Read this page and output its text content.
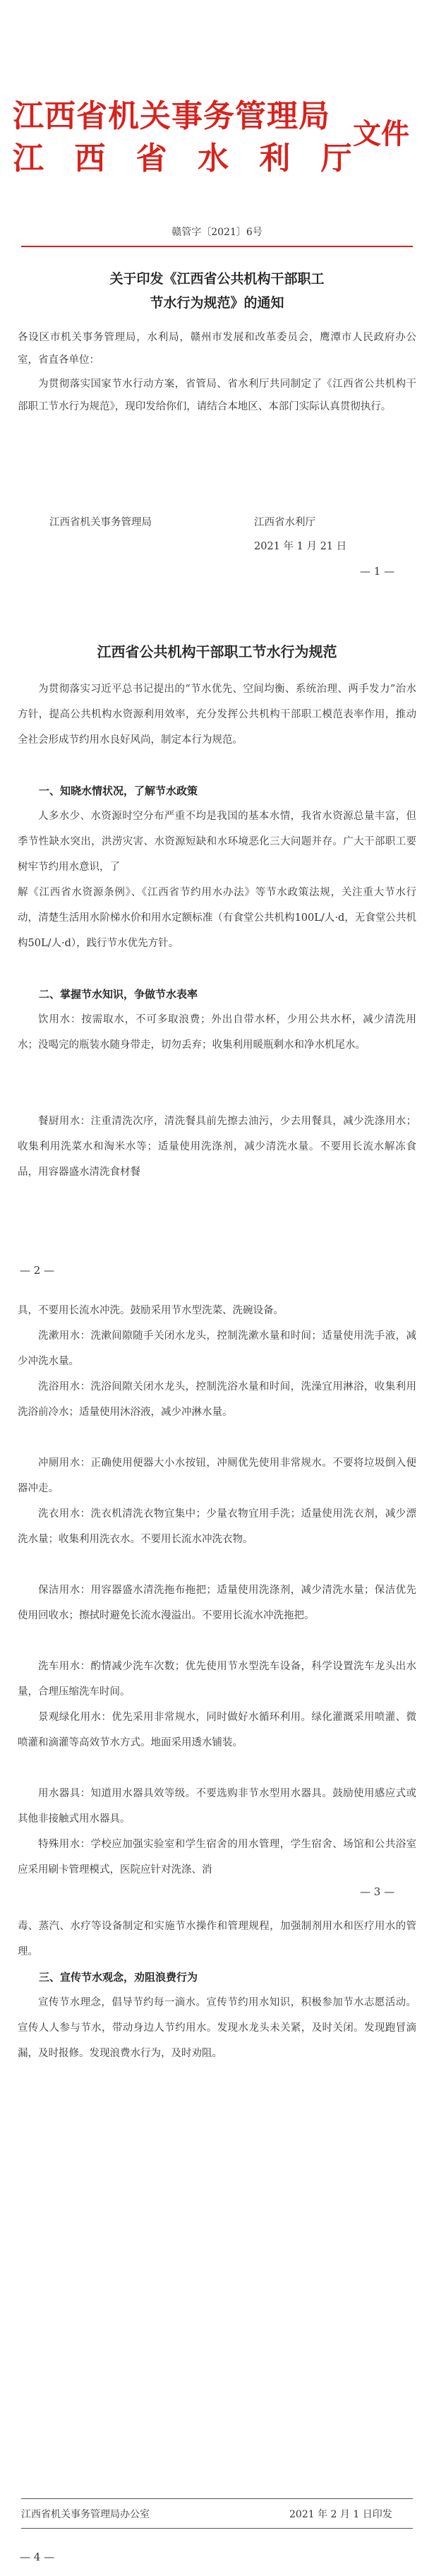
江西省机关事务管理局
江 西 省 水 利 厅
文件
赣管字〔2021〕6号
关于印发《江西省公共机构干部职工
节水行为规范》的通知
各设区市机关事务管理局，水利局，赣州市发展和改革委员会，鹰潭市人民政府办公室，省直各单位：
为贯彻落实国家节水行动方案，省管局、省水利厅共同制定了《江西省公共机构干部职工节水行为规范》，现印发给你们，请结合本地区、本部门实际认真贯彻执行。
江西省机关事务管理局	江西省水利厅
2021 年 1 月 21 日
— 1 —
江西省公共机构干部职工节水行为规范
为贯彻落实习近平总书记提出的“节水优先、空间均衡、系统治理、两手发力”治水方针，提高公共机构水资源利用效率，充分发挥公共机构干部职工模范表率作用，推动全社会形成节约用水良好风尚，制定本行为规范。
一、知晓水情状况，了解节水政策
人多水少、水资源时空分布严重不均是我国的基本水情，我省水资源总量丰富，但季节性缺水突出，洪涝灾害、水资源短缺和水环境恶化三大问题并存。广大干部职工要树牢节约用水意识，了
解《江西省水资源条例》、《江西省节约用水办法》等节水政策法规，关注重大节水行动，清楚生活用水阶梯水价和用水定额标准（有食堂公共机构100L/人·d，无食堂公共机构50L/人·d），践行节水优先方针。
二、掌握节水知识，争做节水表率
饮用水：按需取水，不可多取浪费；外出自带水杯，少用公共水杯，减少清洗用水；没喝完的瓶装水随身带走，切勿丢弃；收集利用暖瓶剩水和净水机尾水。
餐厨用水：注重清洗次序，清洗餐具前先擦去油污，少去用餐具，减少洗涤用水；收集利用洗菜水和淘米水等；适量使用洗涤剂，减少清洗水量。不要用长流水解冻食品，用容器盛水清洗食材餐
— 2 —
具，不要用长流水冲洗。鼓励采用节水型洗菜、洗碗设备。
洗漱用水：洗漱间隙随手关闭水龙头，控制洗漱水量和时间；适量使用洗手液，减少冲洗水量。
洗浴用水：洗浴间隙关闭水龙头，控制洗浴水量和时间，洗澡宜用淋浴，收集利用洗浴前冷水；适量使用沐浴液，减少冲淋水量。
冲厕用水：正确使用便器大小水按钮，冲厕优先使用非常规水。不要将垃圾倒入便器冲走。
洗衣用水：洗衣机清洗衣物宜集中；少量衣物宜用手洗；适量使用洗衣剂，减少漂洗水量；收集利用洗衣水。不要用长流水冲洗衣物。
保洁用水：用容器盛水清洗拖布拖把；适量使用洗涤剂，减少清洗水量；保洁优先使用回收水；擦拭时避免长流水漫溢出。不要用长流水冲洗拖把。
洗车用水：酌情减少洗车次数；优先使用节水型洗车设备，科学设置洗车龙头出水量，合理压缩洗车时间。
景观绿化用水：优先采用非常规水，同时做好水循环利用。绿化灌溉采用喷灌、微喷灌和滴灌等高效节水方式。地面采用透水铺装。
用水器具：知道用水器具效等级。不要选购非节水型用水器具。鼓励使用感应式或其他非接触式用水器具。
特殊用水：学校应加强实验室和学生宿舍的用水管理，学生宿舍、场馆和公共浴室应采用刷卡管理模式，医院应针对洗涤、消
— 3 —
毒、蒸汽、水疗等设备制定和实施节水操作和管理规程，加强制剂用水和医疗用水的管理。
三、宣传节水观念，劝阻浪费行为
宣传节水理念，倡导节约每一滴水。宣传节约用水知识，积极参加节水志愿活动。宣传人人参与节水，带动身边人节约用水。发现水龙头未关紧，及时关闭。发现跑冒滴漏，及时报修。发现浪费水行为，及时劝阻。
江西省机关事务管理局办公室	2021 年 2 月 1 日印发
— 4 —
